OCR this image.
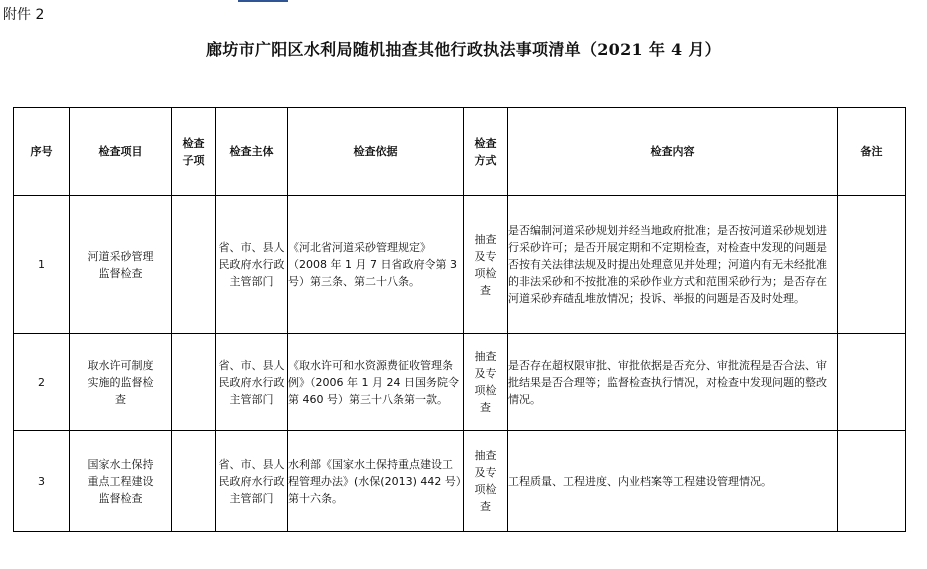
附件 2
廊坊市广阳区水利局随机抽查其他行政执法事项清单（2021 年 4 月）
序号	检查项目	检查子项	检查主体	检查依据	检查方式	检查内容	备注
1	河道采砂管理监督检查		省、市、县人民政府水行政主管部门	《河北省河道采砂管理规定》（2008 年 1 月 7 日省政府令第 3 号）第三条、第二十八条。	抽查及专项检查	是否编制河道采砂规划并经当地政府批准；是否按河道采砂规划进行采砂许可；是否开展定期和不定期检查，对检查中发现的问题是否按有关法律法规及时提出处理意见并处理；河道内有无未经批准的非法采砂和不按批准的采砂作业方式和范围采砂行为；是否存在河道采砂弃碴乱堆放情况；投诉、举报的问题是否及时处理。	
2	取水许可制度实施的监督检查		省、市、县人民政府水行政主管部门	《取水许可和水资源费征收管理条例》（2006 年 1 月 24 日国务院令第 460 号）第三十八条第一款。	抽查及专项检查	是否存在超权限审批、审批依据是否充分、审批流程是否合法、审批结果是否合理等；监督检查执行情况，对检查中发现问题的整改情况。	
3	国家水土保持重点工程建设监督检查		省、市、县人民政府水行政主管部门	水利部《国家水土保持重点建设工程管理办法》(水保(2013) 442 号）第十六条。	抽查及专项检查	工程质量、工程进度、内业档案等工程建设管理情况。	
